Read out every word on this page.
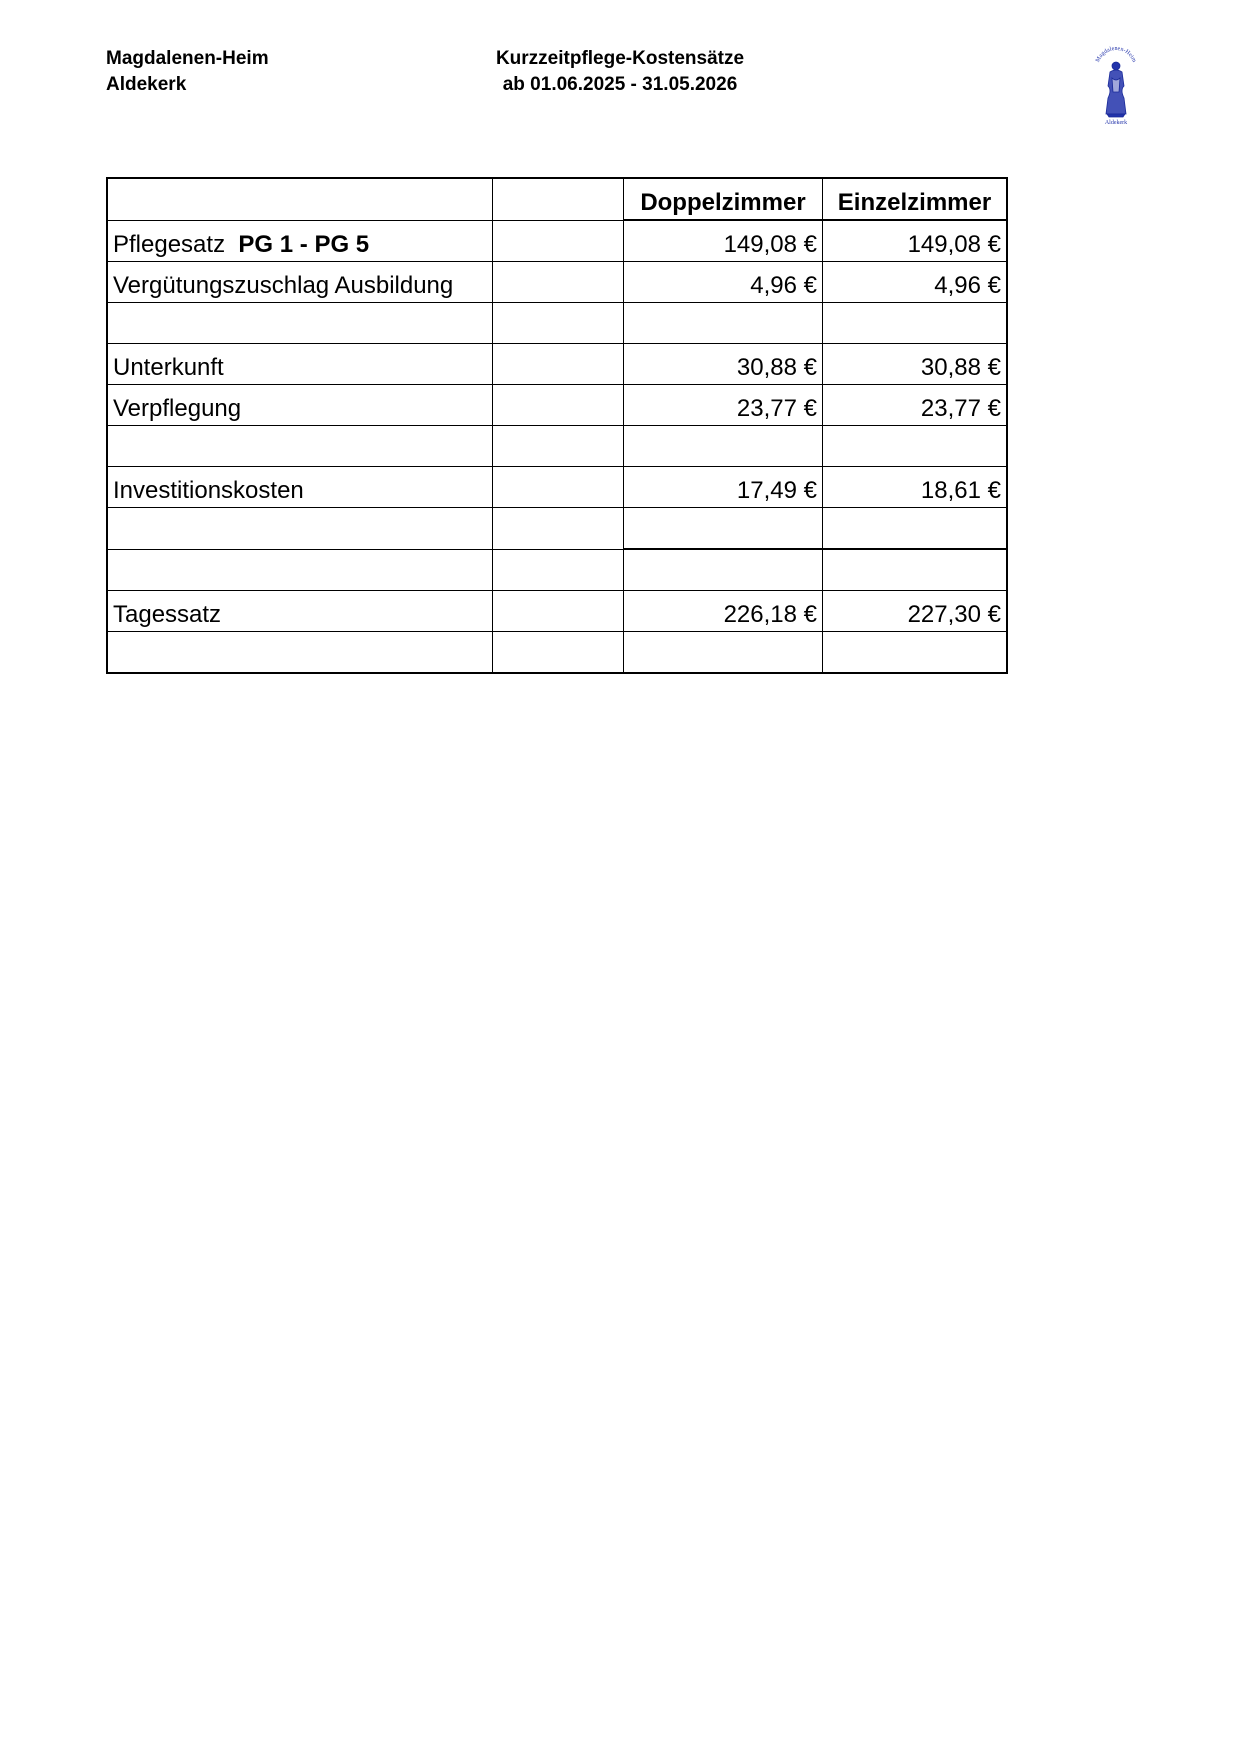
Magdalenen-Heim
Aldekerk
Kurzzeitpflege-Kostensätze
ab 01.06.2025 - 31.05.2026
Magdalenen-Heim
Aldekerk
		Doppelzimmer	Einzelzimmer
Pflegesatz PG 1 - PG 5		149,08 €	149,08 €
Vergütungszuschlag Ausbildung		4,96 €	4,96 €

Unterkunft		30,88 €	30,88 €
Verpflegung		23,77 €	23,77 €

Investitionskosten		17,49 €	18,61 €

Tagessatz		226,18 €	227,30 €
